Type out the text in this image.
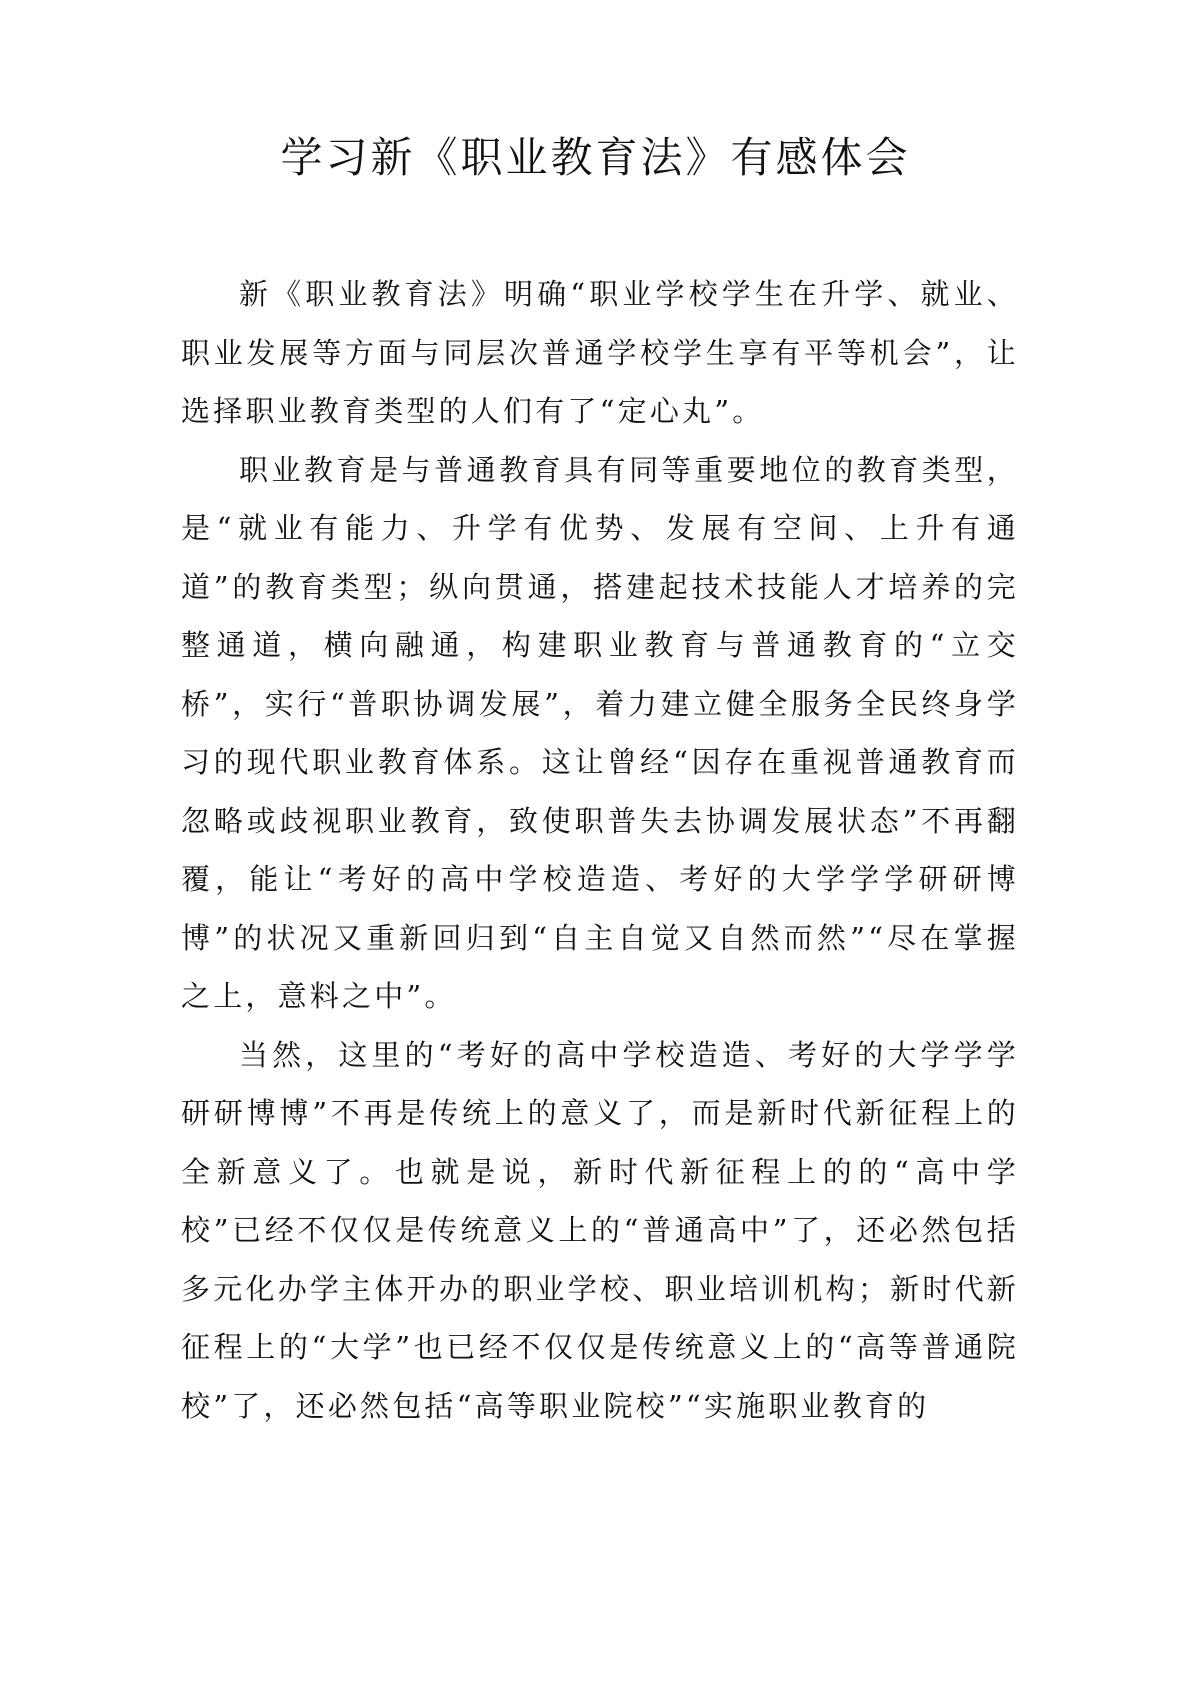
学习新《职业教育法》有感体会

新《职业教育法》明确“职业学校学生在升学、就业、职业发展等方面与同层次普通学校学生享有平等机会”，让选择职业教育类型的人们有了“定心丸”。

职业教育是与普通教育具有同等重要地位的教育类型，是“就业有能力、升学有优势、发展有空间、上升有通道”的教育类型；纵向贯通，搭建起技术技能人才培养的完整通道，横向融通，构建职业教育与普通教育的“立交桥”，实行“普职协调发展”，着力建立健全服务全民终身学习的现代职业教育体系。这让曾经“因存在重视普通教育而忽略或歧视职业教育，致使职普失去协调发展状态”不再翻覆，能让“考好的高中学校造造、考好的大学学学研研博博”的状况又重新回归到“自主自觉又自然而然”“尽在掌握之上，意料之中”。

当然，这里的“考好的高中学校造造、考好的大学学学研研博博”不再是传统上的意义了，而是新时代新征程上的全新意义了。也就是说，新时代新征程上的的“高中学校”已经不仅仅是传统意义上的“普通高中”了，还必然包括多元化办学主体开办的职业学校、职业培训机构；新时代新征程上的“大学”也已经不仅仅是传统意义上的“高等普通院校”了，还必然包括“高等职业院校”“实施职业教育的
